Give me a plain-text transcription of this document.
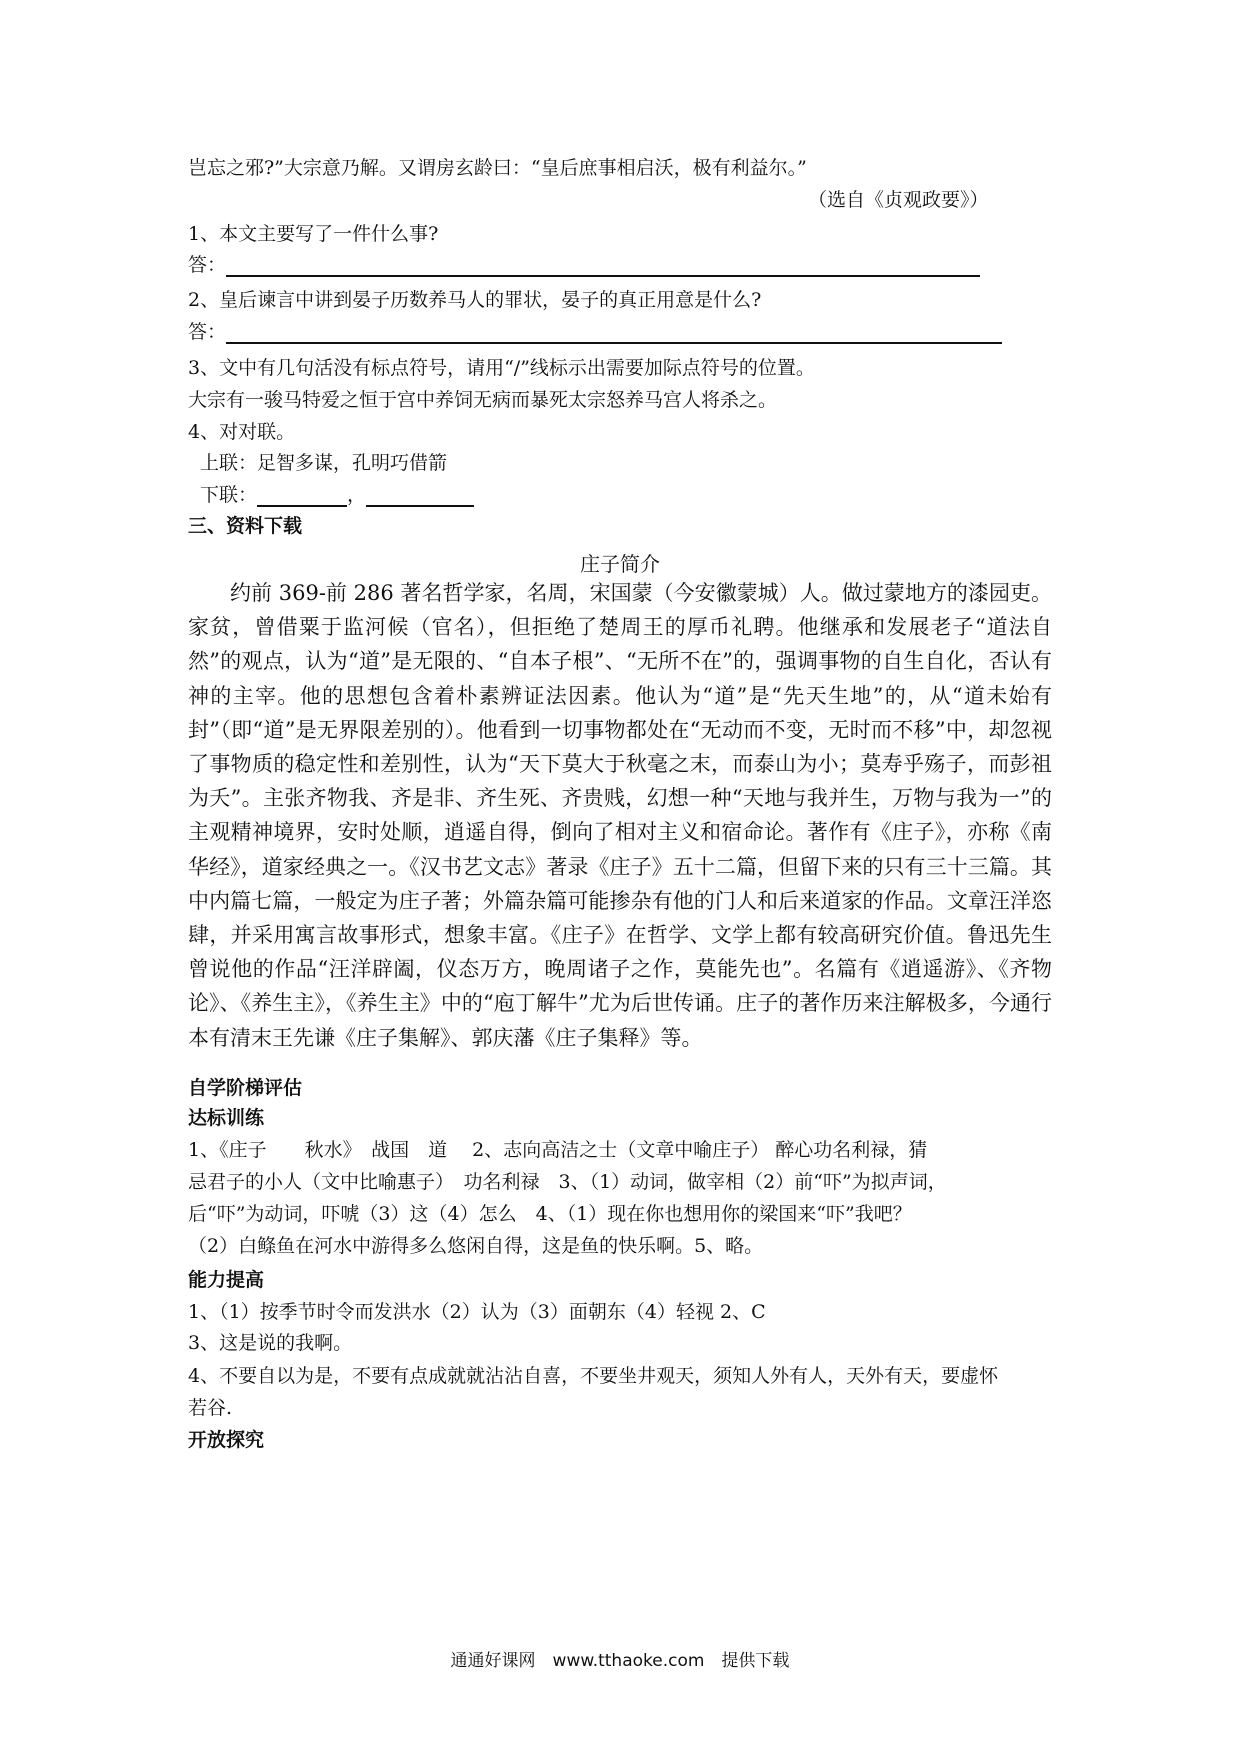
岂忘之邪?”大宗意乃解。又谓房玄龄曰：“皇后庶事相启沃，极有利益尔。”
（选自《贞观政要》）
1、本文主要写了一件什么事?
答：
2、皇后谏言中讲到晏子历数养马人的罪状，晏子的真正用意是什么?
答：
3、文中有几句活没有标点符号，请用“/”线标示出需要加际点符号的位置。
大宗有一骏马特爱之恒于宫中养饲无病而暴死太宗怒养马宫人将杀之。
4、对对联。
上联：足智多谋，孔明巧借箭
下联：	，
三、资料下载
庄子简介
约前 369-前 286 著名哲学家，名周，宋国蒙（今安徽蒙城）人。做过蒙地方的漆园吏。家贫，曾借粟于监河候（官名），但拒绝了楚周王的厚币礼聘。他继承和发展老子“道法自然”的观点，认为“道”是无限的、“自本子根”、“无所不在”的，强调事物的自生自化，否认有神的主宰。他的思想包含着朴素辨证法因素。他认为“道”是“先天生地”的，从“道未始有封”（即“道”是无界限差别的）。他看到一切事物都处在“无动而不变，无时而不移”中，却忽视了事物质的稳定性和差别性，认为“天下莫大于秋毫之末，而泰山为小；莫寿乎殇子，而彭祖为夭”。主张齐物我、齐是非、齐生死、齐贵贱，幻想一种“天地与我并生，万物与我为一”的主观精神境界，安时处顺，逍遥自得，倒向了相对主义和宿命论。著作有《庄子》，亦称《南华经》，道家经典之一。《汉书艺文志》著录《庄子》五十二篇，但留下来的只有三十三篇。其中内篇七篇，一般定为庄子著；外篇杂篇可能掺杂有他的门人和后来道家的作品。文章汪洋恣肆，并采用寓言故事形式，想象丰富。《庄子》在哲学、文学上都有较高研究价值。鲁迅先生曾说他的作品“汪洋辟阖，仪态万方，晚周诸子之作，莫能先也”。名篇有《逍遥游》、《齐物论》、《养生主》，《养生主》中的“庖丁解牛”尤为后世传诵。庄子的著作历来注解极多，今通行本有清末王先谦《庄子集解》、郭庆藩《庄子集释》等。
自学阶梯评估
达标训练
1、《庄子　　秋水》　战国　道　 2、志向高洁之士（文章中喻庄子） 醉心功名利禄，猜
忌君子的小人（文中比喻惠子）　功名利禄　3、（1）动词，做宰相（2）前“吓”为拟声词，
后“吓”为动词，吓唬（3）这（4）怎么　4、（1）现在你也想用你的梁国来“吓”我吧？
（2）白鲦鱼在河水中游得多么悠闲自得，这是鱼的快乐啊。5、略。
能力提高
1、（1）按季节时令而发洪水（2）认为（3）面朝东（4）轻视 2、C
3、这是说的我啊。
4、不要自以为是，不要有点成就就沾沾自喜，不要坐井观天，须知人外有人，天外有天，要虚怀
若谷.
开放探究
通通好课网　www.tthaoke.com　提供下载
